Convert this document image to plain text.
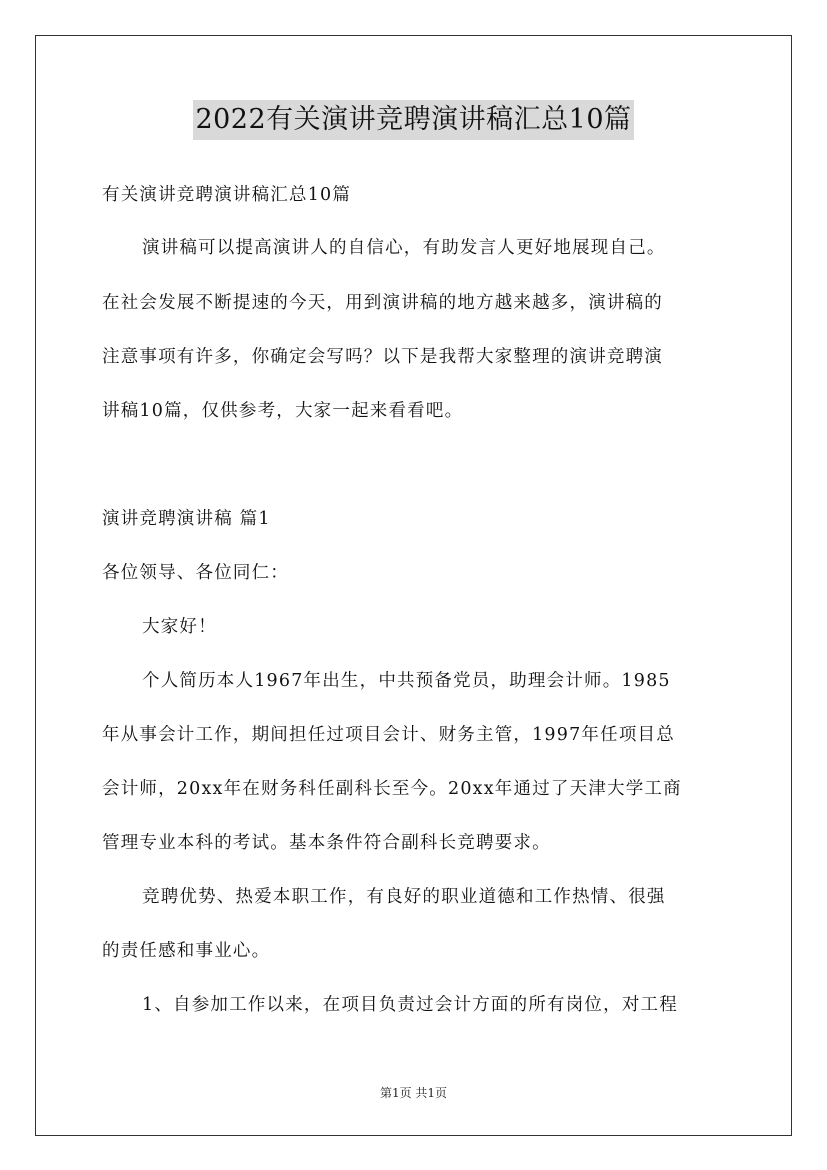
2022有关演讲竞聘演讲稿汇总10篇
有关演讲竞聘演讲稿汇总10篇
演讲稿可以提高演讲人的自信心，有助发言人更好地展现自己。
在社会发展不断提速的今天，用到演讲稿的地方越来越多，演讲稿的
注意事项有许多，你确定会写吗？以下是我帮大家整理的演讲竞聘演
讲稿10篇，仅供参考，大家一起来看看吧。
演讲竞聘演讲稿 篇1
各位领导、各位同仁：
大家好！
个人简历本人1967年出生，中共预备党员，助理会计师。1985
年从事会计工作，期间担任过项目会计、财务主管，1997年任项目总
会计师，20xx年在财务科任副科长至今。20xx年通过了天津大学工商
管理专业本科的考试。基本条件符合副科长竞聘要求。
竞聘优势、热爱本职工作，有良好的职业道德和工作热情、很强
的责任感和事业心。
1、自参加工作以来，在项目负责过会计方面的所有岗位，对工程
第1页 共1页
